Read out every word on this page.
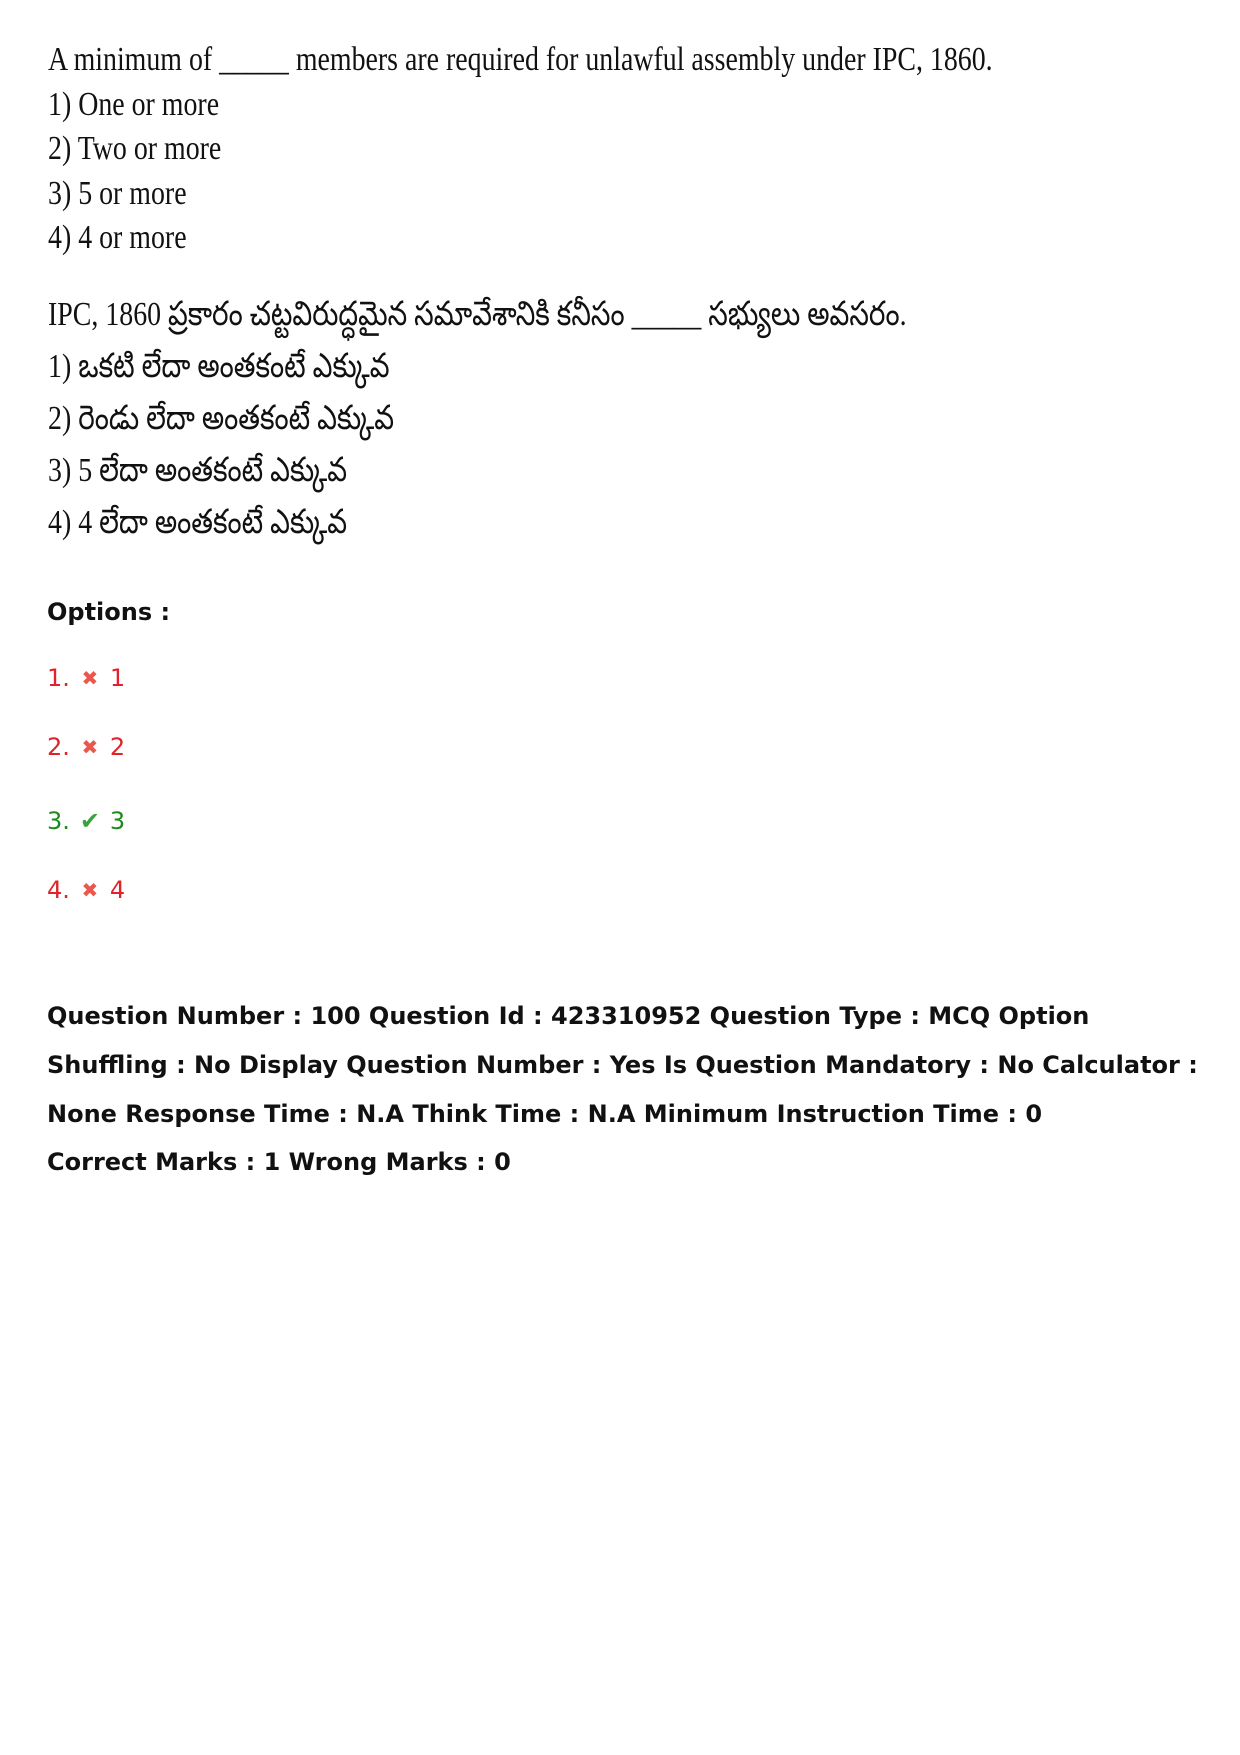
A minimum of _____ members are required for unlawful assembly under IPC, 1860.
1) One or more
2) Two or more
3) 5 or more
4) 4 or more
IPC, 1860 ప్రకారం చట్టవిరుద్ధమైన సమావేశానికి కనీసం _____ సభ్యులు అవసరం.
1) ఒకటి లేదా అంతకంటే ఎక్కువ
2) రెండు లేదా అంతకంటే ఎక్కువ
3) 5 లేదా అంతకంటే ఎక్కువ
4) 4 లేదా అంతకంటే ఎక్కువ
Options :
1. ✖ 1
2. ✖ 2
3. ✔ 3
4. ✖ 4
Question Number : 100 Question Id : 423310952 Question Type : MCQ Option Shuffling : No Display Question Number : Yes Is Question Mandatory : No Calculator : None Response Time : N.A Think Time : N.A Minimum Instruction Time : 0
Correct Marks : 1 Wrong Marks : 0
